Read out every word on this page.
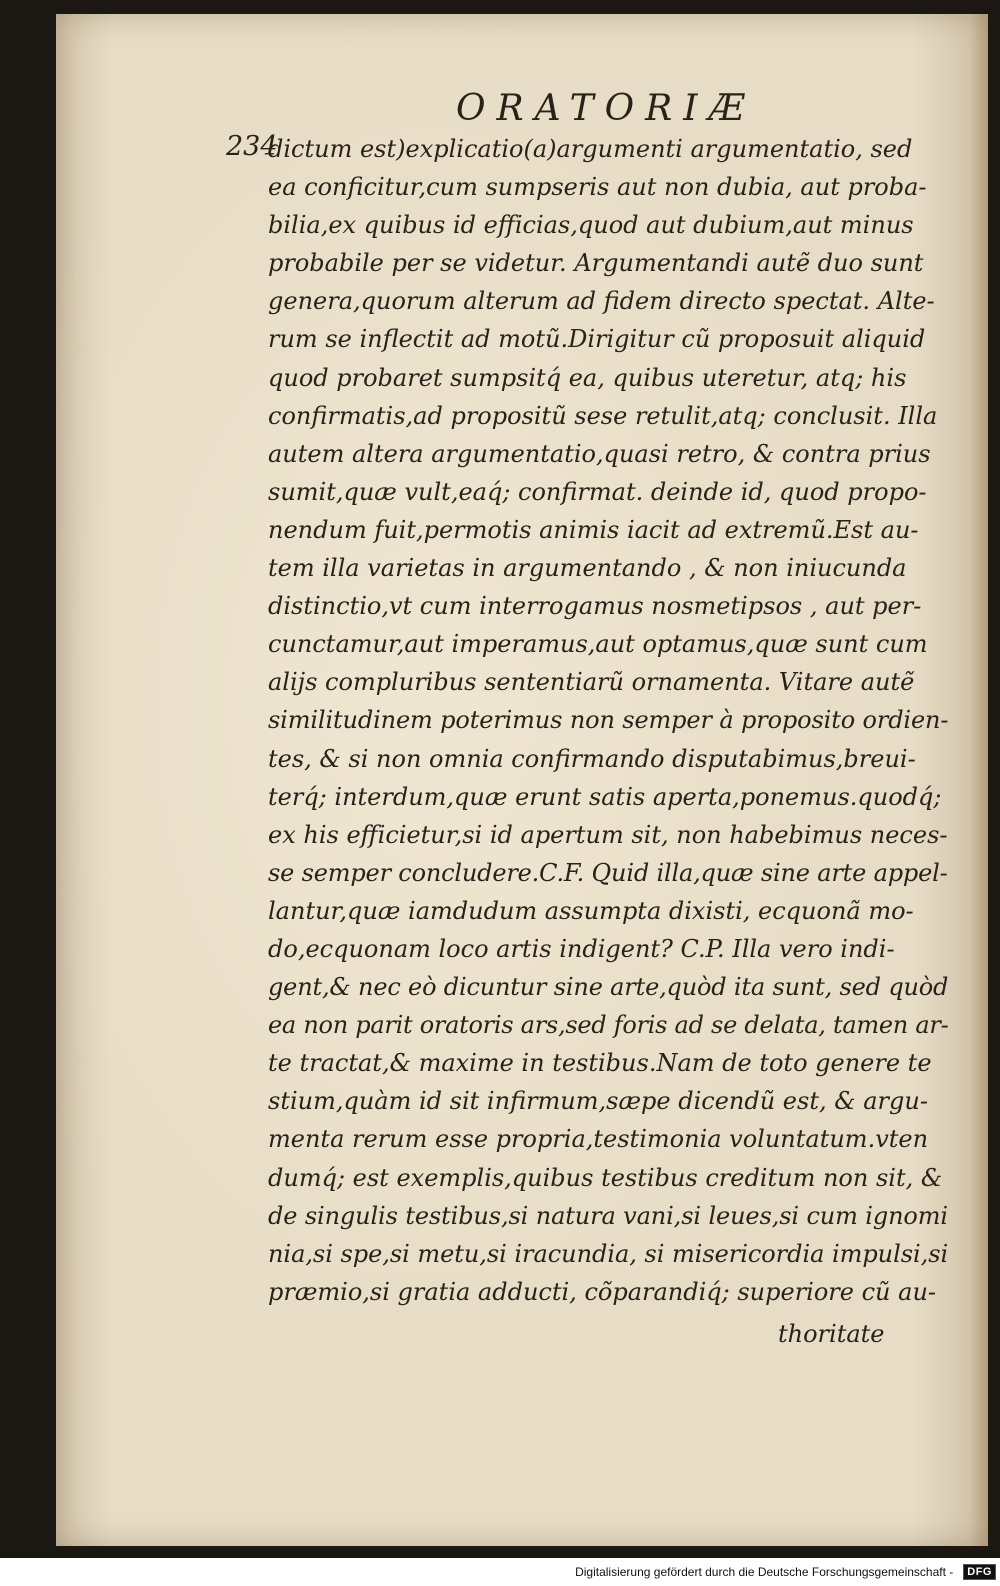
ORATORIÆ
234
dictum est)explicatio(a)argumenti argumentatio, sed
ea conficitur,cum sumpseris aut non dubia, aut proba-
bilia,ex quibus id efficias,quod aut dubium,aut minus
probabile per se videtur. Argumentandi autẽ duo sunt
genera,quorum alterum ad fidem directo spectat. Alte-
rum se inflectit ad motũ.Dirigitur cũ proposuit aliquid
quod probaret sumpsitq́ ea, quibus uteretur, atq; his
confirmatis,ad propositũ sese retulit,atq; conclusit. Illa
autem altera argumentatio,quasi retro, & contra prius
sumit,quæ vult,eaq́; confirmat. deinde id, quod propo-
nendum fuit,permotis animis iacit ad extremũ.Est au-
tem illa varietas in argumentando , & non iniucunda
distinctio,vt cum interrogamus nosmetipsos , aut per-
cunctamur,aut imperamus,aut optamus,quæ sunt cum
alijs compluribus sententiarũ ornamenta. Vitare autẽ
similitudinem poterimus non semper à proposito ordien-
tes, & si non omnia confirmando disputabimus,breui-
terq́; interdum,quæ erunt satis aperta,ponemus.quodq́;
ex his efficietur,si id apertum sit, non habebimus neces-
se semper concludere.C.F. Quid illa,quæ sine arte appel-
lantur,quæ iamdudum assumpta dixisti, ecquonã mo-
do,ecquonam loco artis indigent? C.P. Illa vero indi-
gent,& nec eò dicuntur sine arte,quòd ita sunt, sed quòd
ea non parit oratoris ars,sed foris ad se delata, tamen ar-
te tractat,& maxime in testibus.Nam de toto genere te
stium,quàm id sit infirmum,sæpe dicendũ est, & argu-
menta rerum esse propria,testimonia voluntatum.vten
dumq́; est exemplis,quibus testibus creditum non sit, &
de singulis testibus,si natura vani,si leues,si cum ignomi
nia,si spe,si metu,si iracundia, si misericordia impulsi,si
præmio,si gratia adducti, cõparandiq́; superiore cũ au-
thoritate
Digitalisierung gefördert durch die Deutsche Forschungsgemeinschaft -	DFG
